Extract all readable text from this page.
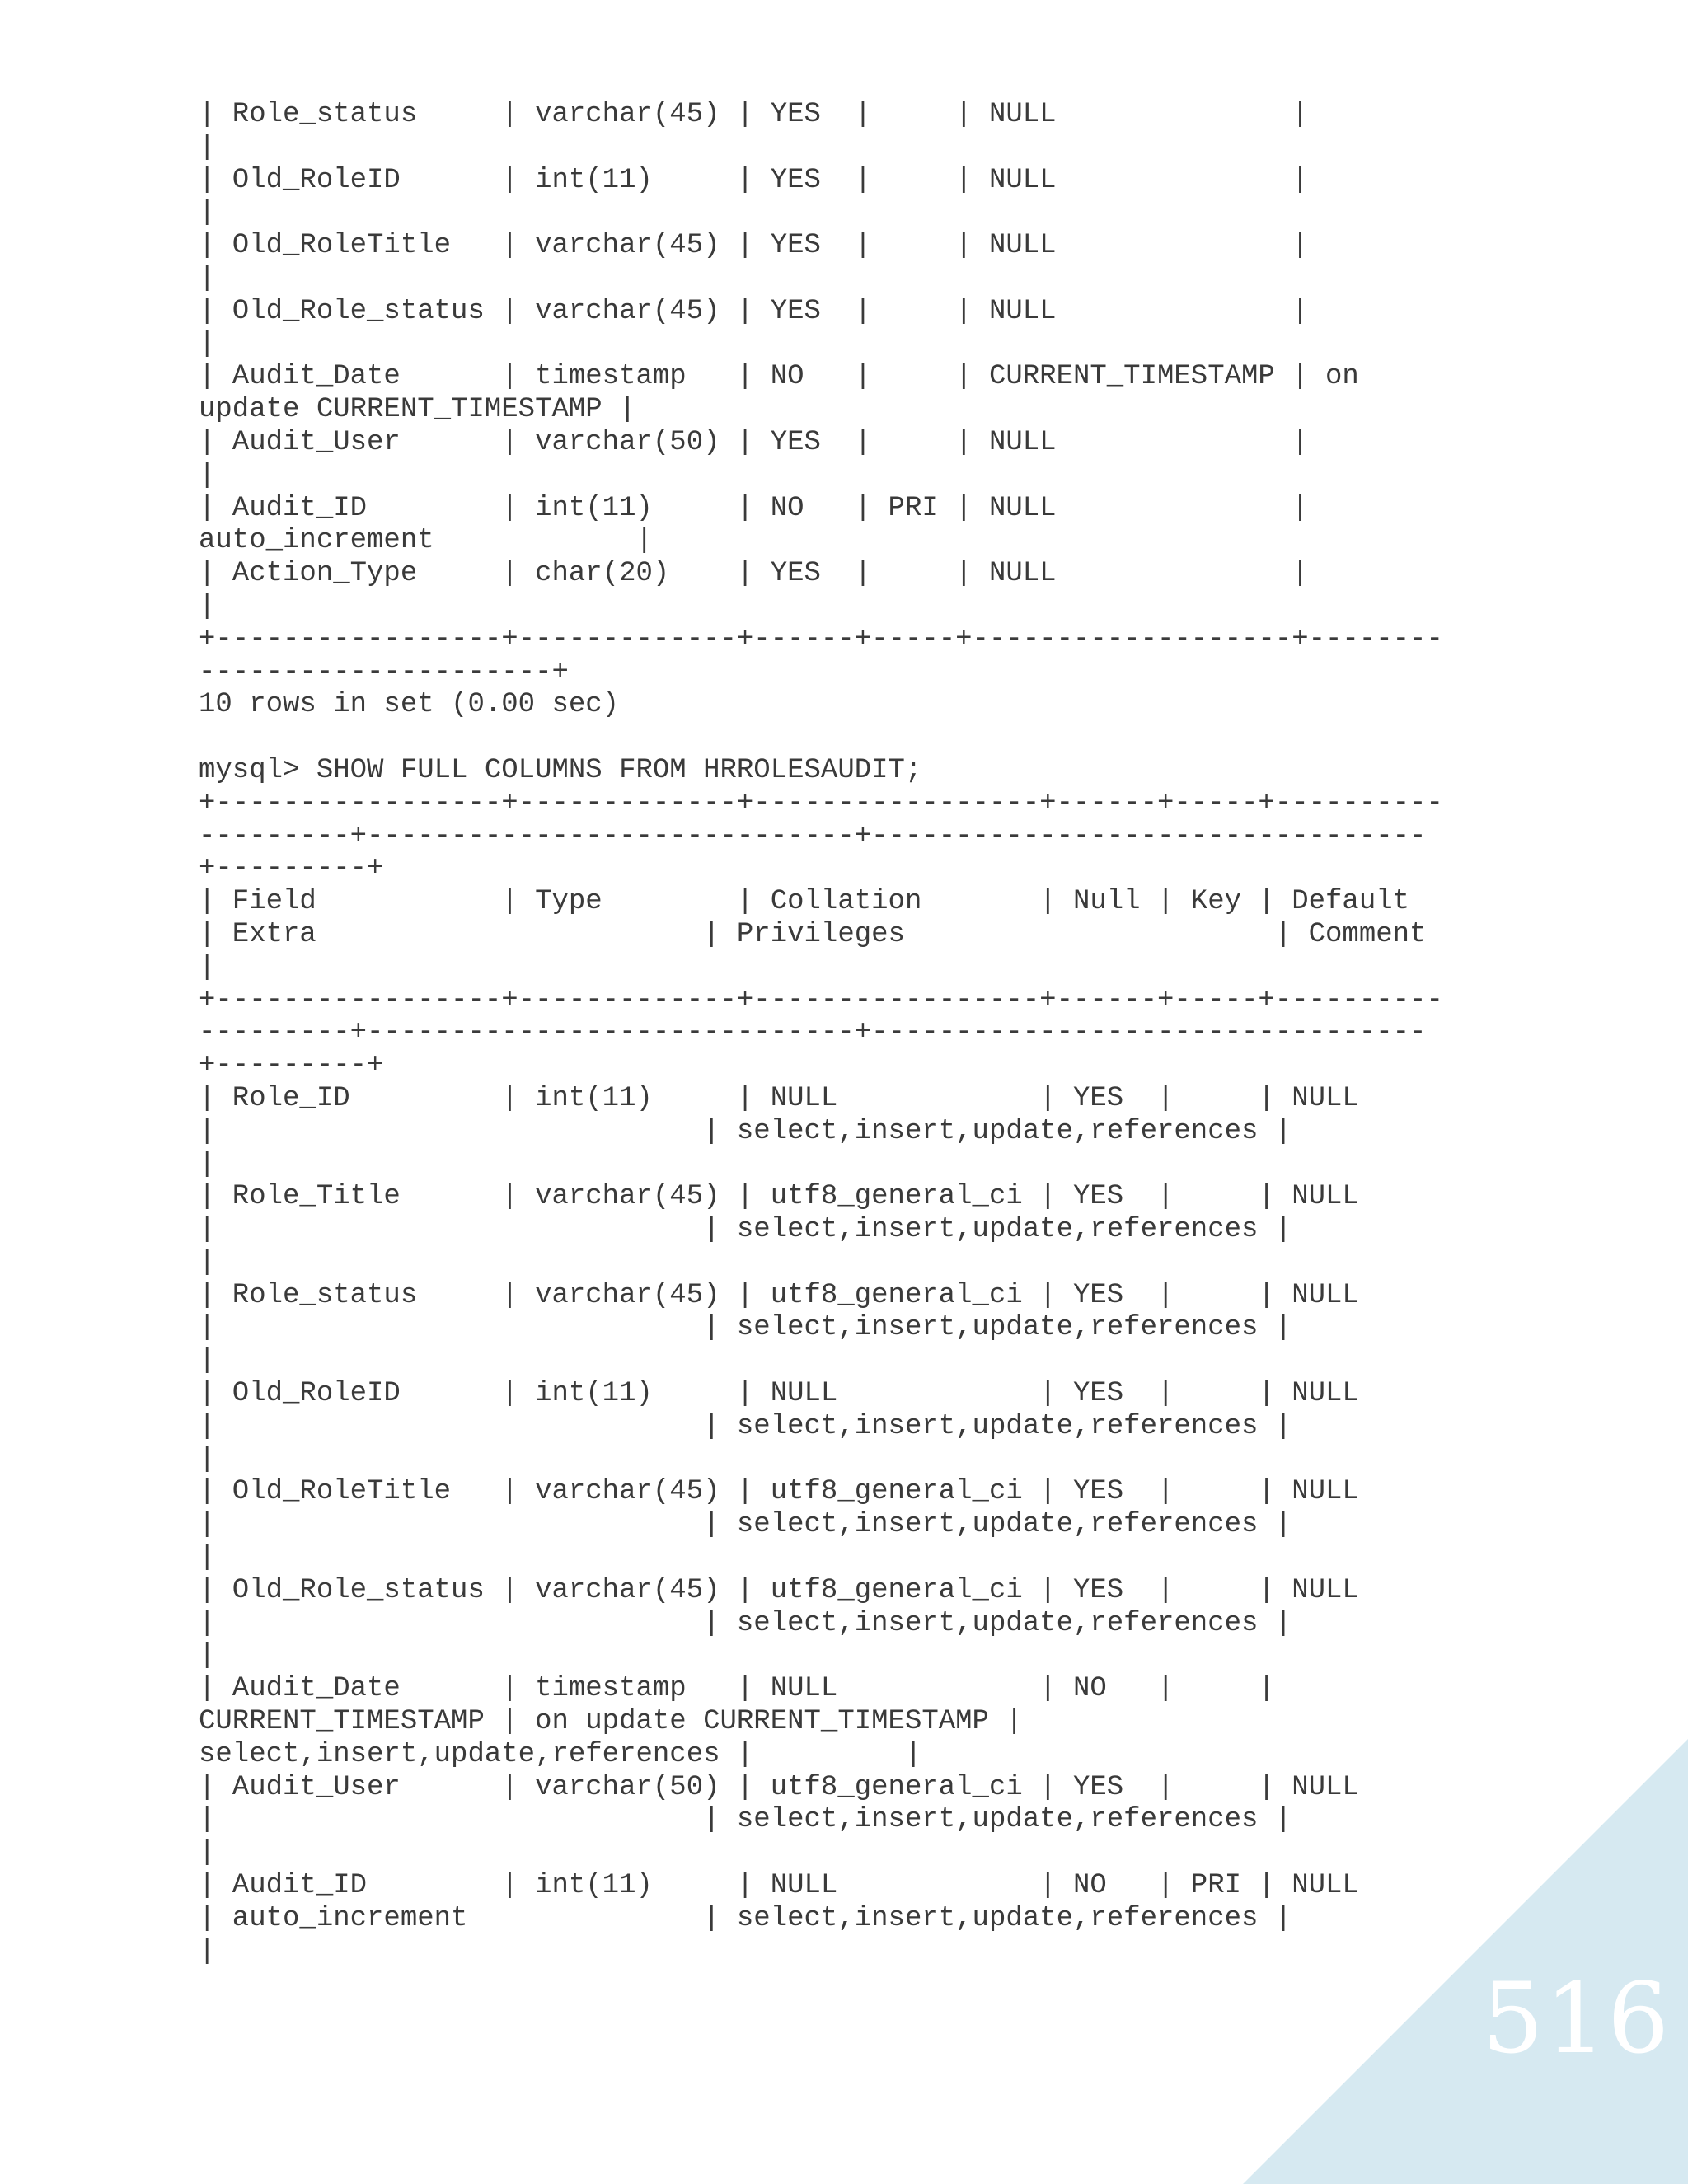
| Role_status     | varchar(45) | YES  |     | NULL              |
|
| Old_RoleID      | int(11)     | YES  |     | NULL              |
|
| Old_RoleTitle   | varchar(45) | YES  |     | NULL              |
|
| Old_Role_status | varchar(45) | YES  |     | NULL              |
|
| Audit_Date      | timestamp   | NO   |     | CURRENT_TIMESTAMP | on
update CURRENT_TIMESTAMP |
| Audit_User      | varchar(50) | YES  |     | NULL              |
|
| Audit_ID        | int(11)     | NO   | PRI | NULL              |
auto_increment            |
| Action_Type     | char(20)    | YES  |     | NULL              |
|
+-----------------+-------------+------+-----+-------------------+--------
---------------------+
10 rows in set (0.00 sec)
mysql> SHOW FULL COLUMNS FROM HRROLESAUDIT;
+-----------------+-------------+-----------------+------+-----+----------
---------+-----------------------------+---------------------------------
+---------+
| Field           | Type        | Collation       | Null | Key | Default
| Extra                       | Privileges                      | Comment
|
+-----------------+-------------+-----------------+------+-----+----------
---------+-----------------------------+---------------------------------
+---------+
| Role_ID         | int(11)     | NULL            | YES  |     | NULL
|                             | select,insert,update,references |
|
| Role_Title      | varchar(45) | utf8_general_ci | YES  |     | NULL
|                             | select,insert,update,references |
|
| Role_status     | varchar(45) | utf8_general_ci | YES  |     | NULL
|                             | select,insert,update,references |
|
| Old_RoleID      | int(11)     | NULL            | YES  |     | NULL
|                             | select,insert,update,references |
|
| Old_RoleTitle   | varchar(45) | utf8_general_ci | YES  |     | NULL
|                             | select,insert,update,references |
|
| Old_Role_status | varchar(45) | utf8_general_ci | YES  |     | NULL
|                             | select,insert,update,references |
|
| Audit_Date      | timestamp   | NULL            | NO   |     |
CURRENT_TIMESTAMP | on update CURRENT_TIMESTAMP |
select,insert,update,references |         |
| Audit_User      | varchar(50) | utf8_general_ci | YES  |     | NULL
|                             | select,insert,update,references |
|
| Audit_ID        | int(11)     | NULL            | NO   | PRI | NULL
| auto_increment              | select,insert,update,references |
|
516
